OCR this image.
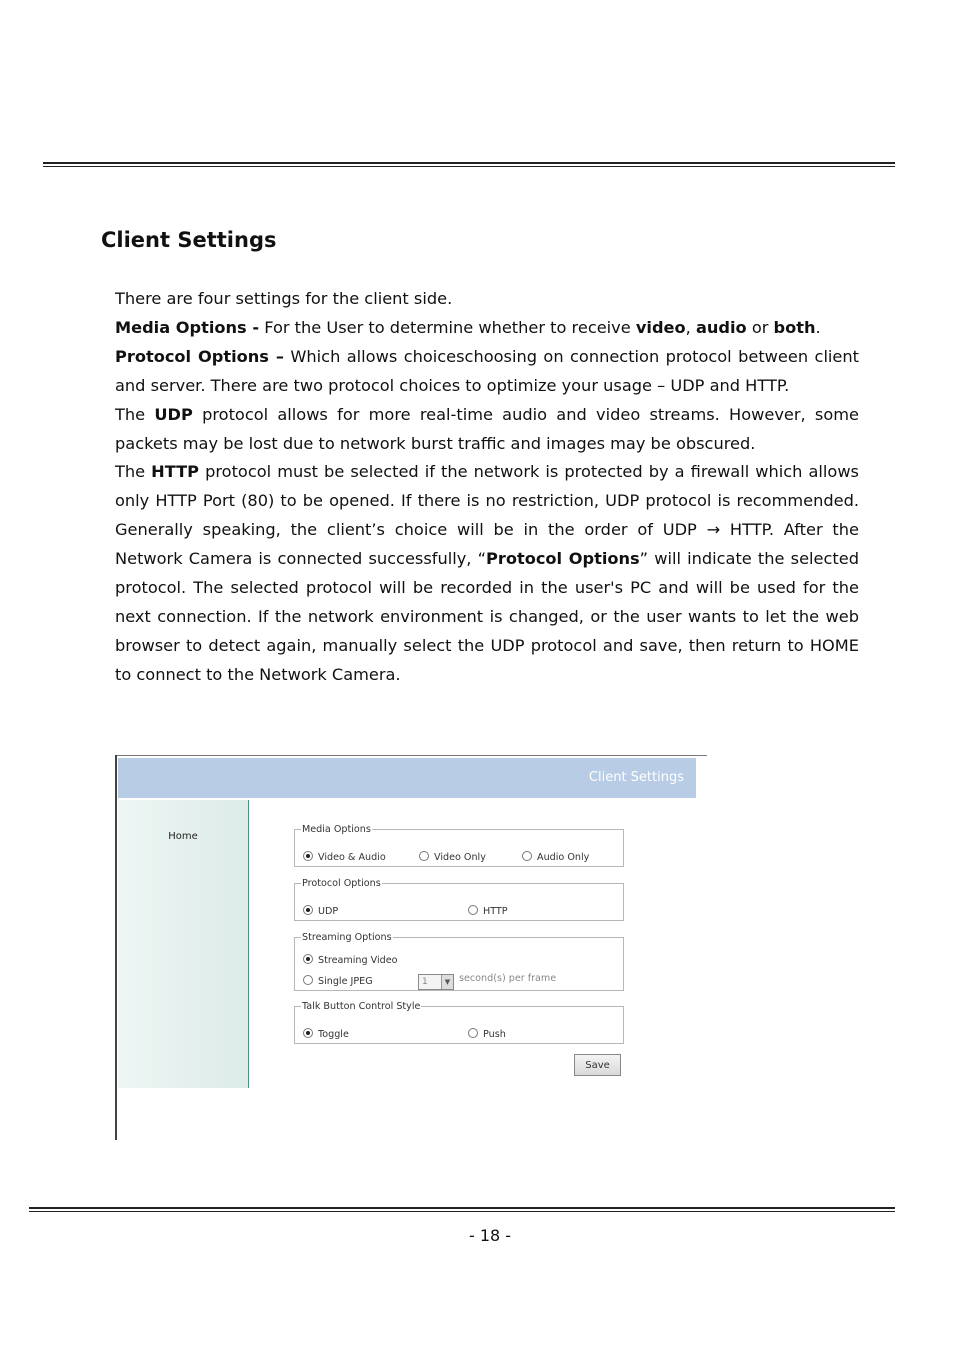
Client Settings

There are four settings for the client side.

Media Options - For the User to determine whether to receive video, audio or both.

Protocol Options – Which allows choiceschoosing on connection protocol between client and server. There are two protocol choices to optimize your usage – UDP and HTTP.

The UDP protocol allows for more real-time audio and video streams. However, some packets may be lost due to network burst traffic and images may be obscured.

The HTTP protocol must be selected if the network is protected by a firewall which allows only HTTP Port (80) to be opened. If there is no restriction, UDP protocol is recommended. Generally speaking, the client’s choice will be in the order of UDP → HTTP. After the Network Camera is connected successfully, “Protocol Options” will indicate the selected protocol. The selected protocol will be recorded in the user's PC and will be used for the next connection. If the network environment is changed, or the user wants to let the web browser to detect again, manually select the UDP protocol and save, then return to HOME to connect to the Network Camera.

Client Settings
Home
Media Options
Video & Audio	Video Only	Audio Only
Protocol Options
UDP	HTTP
Streaming Options
Streaming Video
Single JPEG	1	▼ second(s) per frame
Talk Button Control Style
Toggle	Push
Save
- 18 -
